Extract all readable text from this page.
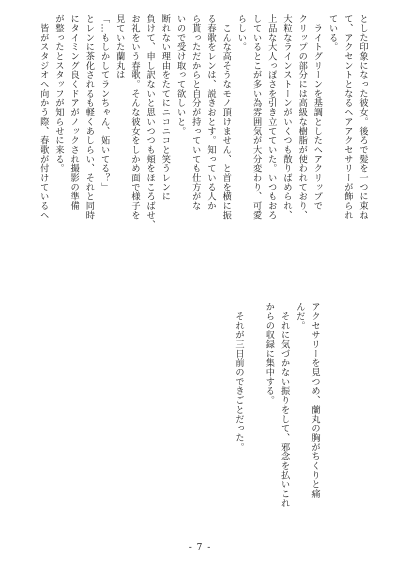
とした印象になった彼女。後ろで髪を一つに束ね

て、アクセントとなるヘアアクセサリーが飾られ

ている。

　ライトグリーンを基調としたヘアクリップで

クリップの部分には高級な樹脂が使われており、

大粒なラインストーンがいくつも散りばめられ、

上品な大人っぽさを引き立てていた。いつもおろ

しているとこが多い為雰囲気が大分変わり、可愛

らしい。

　こんな高そうなモノ頂けません、と首を横に振

る春歌をレンは、説きおとす。知っている人か

ら貰っただからと自分が持っていても仕方がな

いので受け取って欲しいと。

断れない理由をたてにニコニコと笑うレンに

負けて、申し訳ないと思いつつも頬をほころばせ、

お礼をいう春歌。そんな彼女をしかめ面で様子を

見ていた蘭丸は

「…もしかしてランちゃん、妬いてる？」

とレンに茶化されるも軽くあしらい、それと同時

にタイミング良くドアがノックされ撮影の準備

が整ったとスタッフが知らせに来る。

　皆がスタジオへ向かう際、春歌が付けているヘ

アクセサリーを見つめ、蘭丸の胸がちくりと痛

んだ。

　それに気づかない振りをして、邪念を払いこれ

からの収録に集中する。

　それが三日前のできごとだった。

- 7 -
